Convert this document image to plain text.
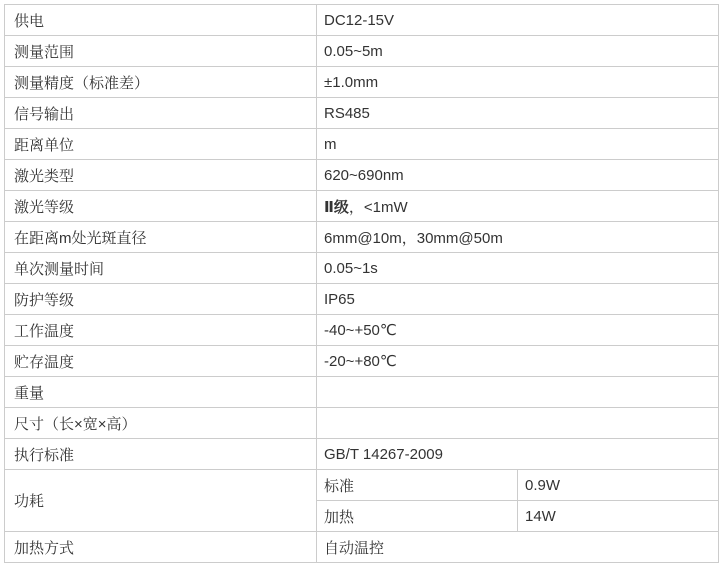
供电	DC12-15V	
测量范围	0.05~5m	
测量精度（标准差）	±1.0mm	
信号输出	RS485	
距离单位	m	
激光类型	620~690nm	
激光等级	Ⅱ级，<1mW	
在距离m处光斑直径	6mm@10m，30mm@50m	
单次测量时间	0.05~1s	
防护等级	IP65	
工作温度	-40~+50℃	
贮存温度	-20~+80℃	
重量		
尺寸（长×宽×高）		
执行标准	GB/T 14267-2009	
功耗	标准	0.9W
	加热	14W
加热方式	自动温控	
